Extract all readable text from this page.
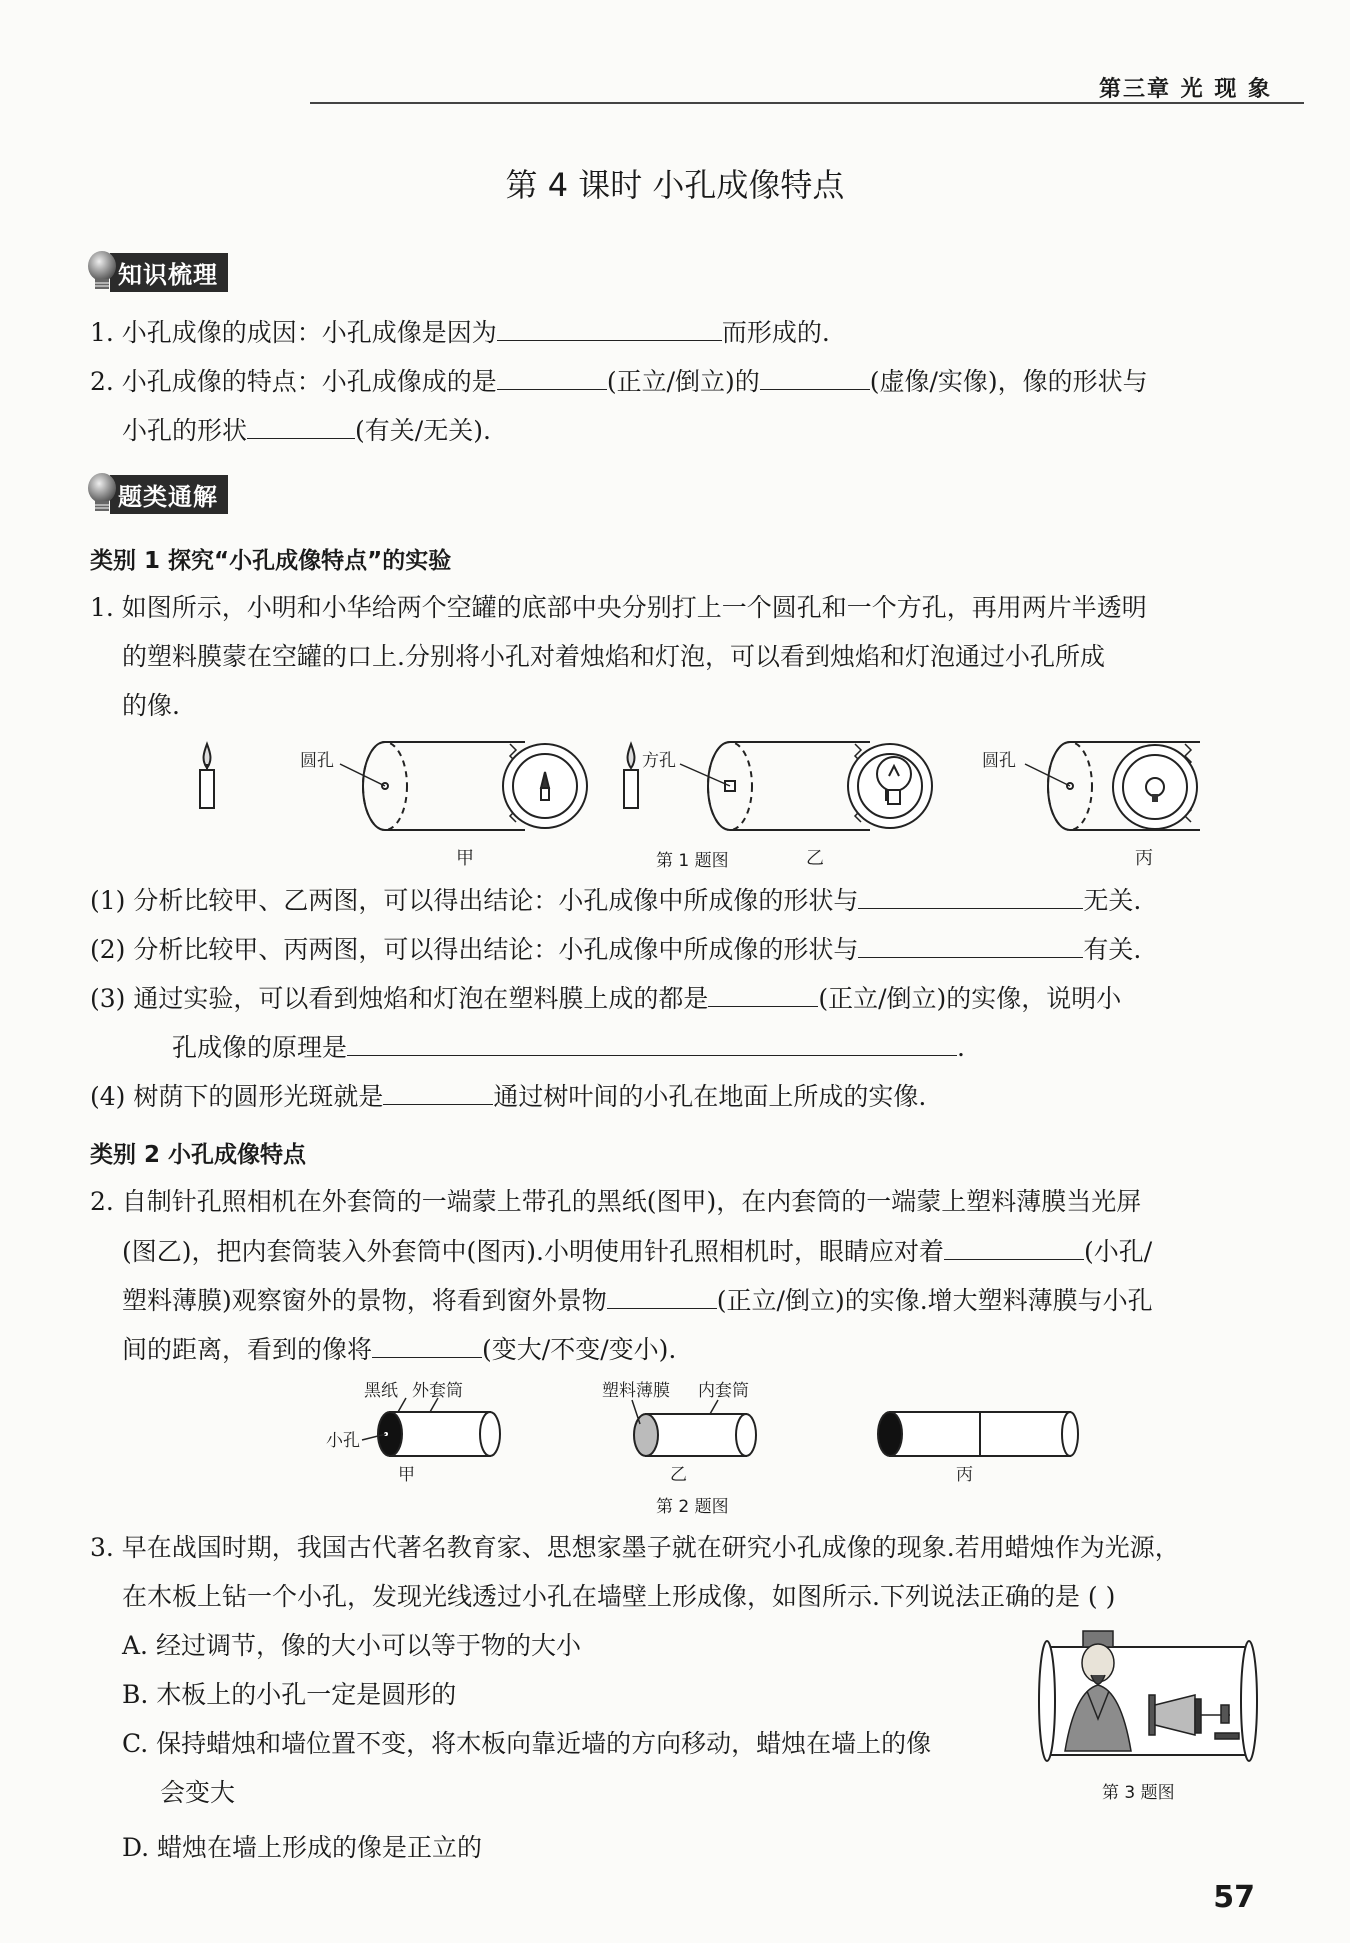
第三章 光 现 象
第 4 课时 小孔成像特点
知识梳理
1. 小孔成像的成因：小孔成像是因为	而形成的.
2. 小孔成像的特点：小孔成像成的是	(正立/倒立)的	(虚像/实像)，像的形状与
小孔的形状	(有关/无关).
题类通解
类别 1 探究“小孔成像特点”的实验
1. 如图所示，小明和小华给两个空罐的底部中央分别打上一个圆孔和一个方孔，再用两片半透明
的塑料膜蒙在空罐的口上.分别将小孔对着烛焰和灯泡，可以看到烛焰和灯泡通过小孔所成
的像.
圆孔
甲
方孔
乙
圆孔
丙
第 1 题图
(1) 分析比较甲、乙两图，可以得出结论：小孔成像中所成像的形状与	无关.
(2) 分析比较甲、丙两图，可以得出结论：小孔成像中所成像的形状与	有关.
(3) 通过实验，可以看到烛焰和灯泡在塑料膜上成的都是	(正立/倒立)的实像，说明小
孔成像的原理是	.
(4) 树荫下的圆形光斑就是	通过树叶间的小孔在地面上所成的实像.
类别 2 小孔成像特点
2. 自制针孔照相机在外套筒的一端蒙上带孔的黑纸(图甲)，在内套筒的一端蒙上塑料薄膜当光屏
(图乙)，把内套筒装入外套筒中(图丙).小明使用针孔照相机时，眼睛应对着	(小孔/
塑料薄膜)观察窗外的景物，将看到窗外景物	(正立/倒立)的实像.增大塑料薄膜与小孔
间的距离，看到的像将	(变大/不变/变小).
黑纸 外套筒
小孔
甲
塑料薄膜 内套筒
乙	丙
第 2 题图
3. 早在战国时期，我国古代著名教育家、思想家墨子就在研究小孔成像的现象.若用蜡烛作为光源，
在木板上钻一个小孔，发现光线透过小孔在墙壁上形成像，如图所示.下列说法正确的是 ( )
A. 经过调节，像的大小可以等于物的大小
B. 木板上的小孔一定是圆形的
C. 保持蜡烛和墙位置不变，将木板向靠近墙的方向移动，蜡烛在墙上的像
会变大
D. 蜡烛在墙上形成的像是正立的
第 3 题图
57
